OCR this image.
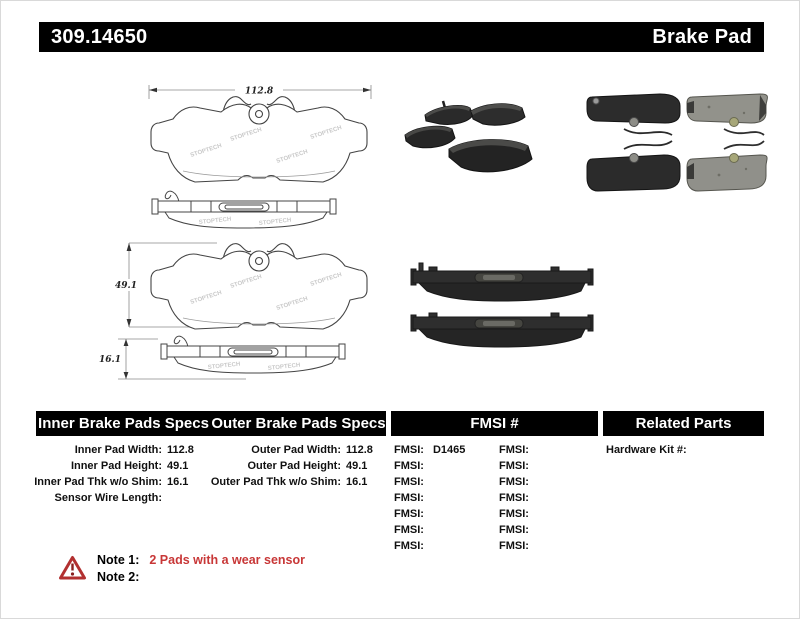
309.14650	Brake Pad
112.8
STOPTECH
STOPTECH
STOPTECH
STOPTECH
STOPTECH	STOPTECH
49.1
STOPTECH
STOPTECH
STOPTECH
STOPTECH
16.1
STOPTECH	STOPTECH
Inner Brake Pads Specs Outer Brake Pads Specs	FMSI #	Related Parts
Inner Pad Width: 112.8
Inner Pad Height: 49.1
Inner Pad Thk w/o Shim: 16.1
Sensor Wire Length:
Outer Pad Width: 112.8
Outer Pad Height: 49.1
Outer Pad Thk w/o Shim: 16.1
FMSI: D1465
FMSI:
FMSI:
FMSI:
FMSI:
FMSI:
FMSI:
FMSI:
FMSI:
FMSI:
FMSI:
FMSI:
FMSI:
FMSI:
Hardware Kit #:
Note 1: 2 Pads with a wear sensor
Note 2:
